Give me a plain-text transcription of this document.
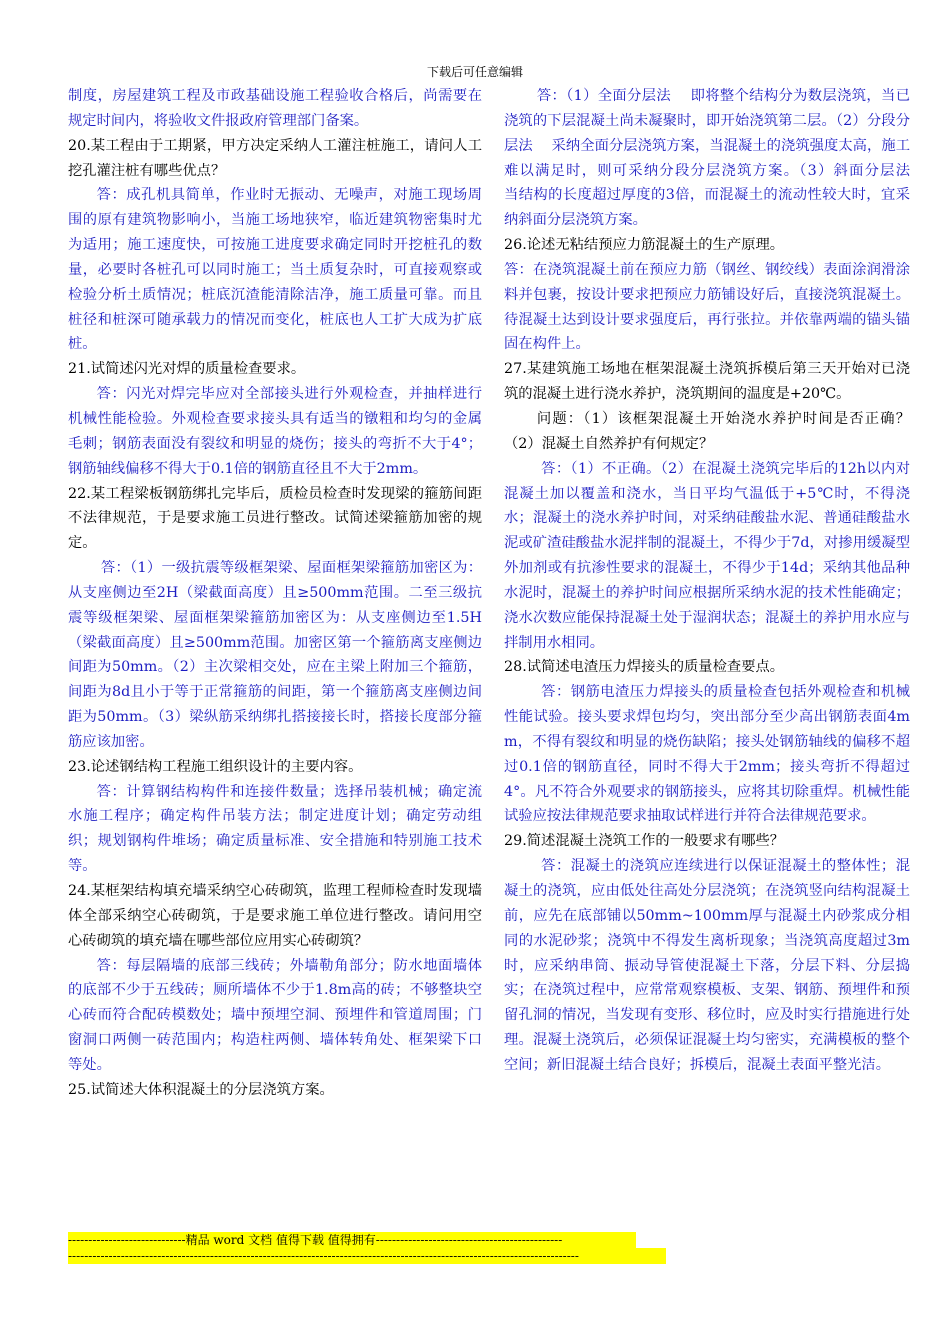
下载后可任意编辑

制度，房屋建筑工程及市政基础设施工程验收合格后，尚需要在规定时间内，将验收文件报政府管理部门备案。

20.某工程由于工期紧，甲方决定采纳人工灌注桩施工，请问人工挖孔灌注桩有哪些优点？

答：成孔机具简单，作业时无振动、无噪声，对施工现场周围的原有建筑物影响小，当施工场地狭窄，临近建筑物密集时尤为适用；施工速度快，可按施工进度要求确定同时开挖桩孔的数量，必要时各桩孔可以同时施工；当土质复杂时，可直接观察或检验分析土质情况；桩底沉渣能清除洁净，施工质量可靠。而且桩径和桩深可随承载力的情况而变化，桩底也人工扩大成为扩底桩。

21.试简述闪光对焊的质量检查要求。

答：闪光对焊完毕应对全部接头进行外观检查，并抽样进行机械性能检验。外观检查要求接头具有适当的镦粗和均匀的金属毛刺；钢筋表面没有裂纹和明显的烧伤；接头的弯折不大于4°；钢筋轴线偏移不得大于0.1倍的钢筋直径且不大于2mm。

22.某工程梁板钢筋绑扎完毕后，质检员检查时发现梁的箍筋间距不法律规范，于是要求施工员进行整改。试简述梁箍筋加密的规定。

答：（1）一级抗震等级框架梁、屋面框架梁箍筋加密区为：从支座侧边至2H（梁截面高度）且≥500mm范围。二至三级抗震等级框架梁、屋面框架梁箍筋加密区为：从支座侧边至1.5H（梁截面高度）且≥500mm范围。加密区第一个箍筋离支座侧边间距为50mm。（2）主次梁相交处，应在主梁上附加三个箍筋，间距为8d且小于等于正常箍筋的间距，第一个箍筋离支座侧边间距为50mm。（3）梁纵筋采纳绑扎搭接接长时，搭接长度部分箍筋应该加密。

23.论述钢结构工程施工组织设计的主要内容。

答：计算钢结构构件和连接件数量；选择吊装机械；确定流水施工程序；确定构件吊装方法；制定进度计划；确定劳动组织；规划钢构件堆场；确定质量标准、安全措施和特别施工技术等。

24.某框架结构填充墙采纳空心砖砌筑，监理工程师检查时发现墙体全部采纳空心砖砌筑，于是要求施工单位进行整改。请问用空心砖砌筑的填充墙在哪些部位应用实心砖砌筑？

答：每层隔墙的底部三线砖；外墙勒角部分；防水地面墙体的底部不少于五线砖；厕所墙体不少于1.8m高的砖；不够整块空心砖而符合配砖模数处；墙中预埋空洞、预埋件和管道周围；门窗洞口两侧一砖范围内；构造柱两侧、墙体转角处、框架梁下口等处。

25.试简述大体积混凝土的分层浇筑方案。

答：（1）全面分层法　 即将整个结构分为数层浇筑，当已浇筑的下层混凝土尚未凝聚时，即开始浇筑第二层。（2）分段分层法　 采纳全面分层浇筑方案，当混凝土的浇筑强度太高，施工难以满足时，则可采纳分段分层浇筑方案。（3）斜面分层法　 当结构的长度超过厚度的3倍，而混凝土的流动性较大时，宜采纳斜面分层浇筑方案。

26.论述无粘结预应力筋混凝土的生产原理。

答：在浇筑混凝土前在预应力筋（钢丝、钢绞线）表面涂润滑涂料并包裹，按设计要求把预应力筋铺设好后，直接浇筑混凝土。待混凝土达到设计要求强度后，再行张拉。并依靠两端的锚头锚固在构件上。

27.某建筑施工场地在框架混凝土浇筑拆模后第三天开始对已浇筑的混凝土进行浇水养护，浇筑期间的温度是+20℃。

问题：（1）该框架混凝土开始浇水养护时间是否正确？（2）混凝土自然养护有何规定？

答：（1）不正确。（2）在混凝土浇筑完毕后的12h以内对混凝土加以覆盖和浇水，当日平均气温低于+5℃时，不得浇水；混凝土的浇水养护时间，对采纳硅酸盐水泥、普通硅酸盐水泥或矿渣硅酸盐水泥拌制的混凝土，不得少于7d，对掺用缓凝型外加剂或有抗渗性要求的混凝土，不得少于14d；采纳其他品种水泥时，混凝土的养护时间应根据所采纳水泥的技术性能确定；浇水次数应能保持混凝土处于湿润状态；混凝土的养护用水应与拌制用水相同。

28.试简述电渣压力焊接头的质量检查要点。

答：钢筋电渣压力焊接头的质量检查包括外观检查和机械性能试验。接头要求焊包均匀，突出部分至少高出钢筋表面4mm，不得有裂纹和明显的烧伤缺陷；接头处钢筋轴线的偏移不超过0.1倍的钢筋直径，同时不得大于2mm；接头弯折不得超过4°。凡不符合外观要求的钢筋接头，应将其切除重焊。机械性能试验应按法律规范要求抽取试样进行并符合法律规范要求。

29.简述混凝土浇筑工作的一般要求有哪些？

答：混凝土的浇筑应连续进行以保证混凝土的整体性；混凝土的浇筑，应由低处往高处分层浇筑；在浇筑竖向结构混凝土前，应先在底部铺以50mm~100mm厚与混凝土内砂浆成分相同的水泥砂浆；浇筑中不得发生离析现象；当浇筑高度超过3m时，应采纳串筒、振动导管使混凝土下落，分层下料、分层捣实；在浇筑过程中，应常常观察模板、支架、钢筋、预埋件和预留孔洞的情况，当发现有变形、移位时，应及时实行措施进行处理。混凝土浇筑后，必须保证混凝土均匀密实，充满模板的整个空间；新旧混凝土结合良好；拆模后，混凝土表面平整光洁。

-----------------------------精品 word 文档 值得下载 值得拥有----------------------------------------------
------------------------------------------------------------------------------------------------------------------------------
